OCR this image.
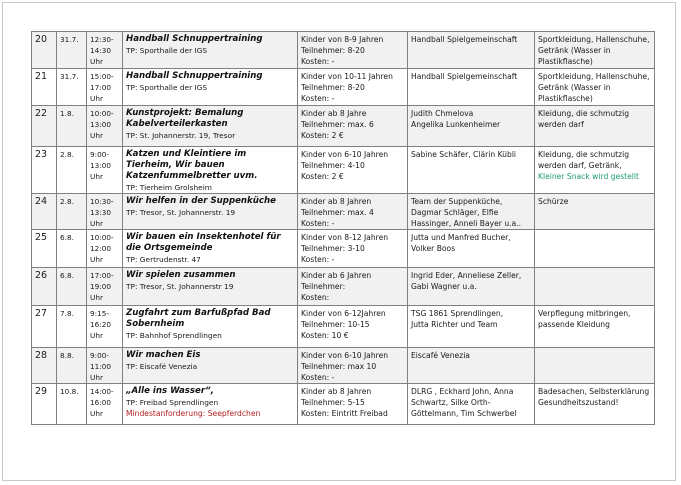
20	31.7.	12:30-
14:30
Uhr	Handball Schnuppertraining
TP: Sporthalle der IGS	Kinder von 8-9 Jahren
Teilnehmer: 8-20
Kosten: -	Handball Spielgemeinschaft	Sportkleidung, Hallenschuhe,
Getränk (Wasser in
Plastikflasche)

21	31.7.	15:00-
17:00
Uhr	Handball Schnuppertraining
TP: Sporthalle der IGS	Kinder von 10-11 Jahren
Teilnehmer: 8-20
Kosten: -	Handball Spielgemeinschaft	Sportkleidung, Hallenschuhe,
Getränk (Wasser in
Plastikflasche)

22	1.8.	10:00-
13:00
Uhr	Kunstprojekt: Bemalung Kabelverteilerkasten
TP: St. Johannerstr. 19, Tresor	Kinder ab 8 Jahre
Teilnehmer: max. 6
Kosten: 2 €	Judith Chmelova
Angelika Lunkenheimer	Kleidung, die schmutzig
werden darf

23	2.8.	9:00-
13:00
Uhr	Katzen und Kleintiere im Tierheim, Wir bauen Katzenfummelbretter uvm.
TP: Tierheim Grolsheim	Kinder von 6-10 Jahren
Teilnehmer: 4-10
Kosten: 2 €	Sabine Schäfer, Clärin Kübli	Kleidung, die schmutzig
werden darf, Getränk,
Kleiner Snack wird gestellt

24	2.8.	10:30-
13:30
Uhr	Wir helfen in der Suppenküche
TP: Tresor, St. Johannerstr. 19	Kinder ab 8 Jahren
Teilnehmer: max. 4
Kosten: -	Team der Suppenküche,
Dagmar Schläger, Elfie
Hassinger, Anneli Bayer u.a..	Schürze

25	6.8.	10:00-
12:00
Uhr	Wir bauen ein Insektenhotel für die Ortsgemeinde
TP: Gertrudenstr. 47	Kinder von 8-12 Jahren
Teilnehmer: 3-10
Kosten: -	Jutta und Manfred Bucher,
Volker Boos	

26	6.8.	17:00-
19:00
Uhr	Wir spielen zusammen
TP: Tresor, St. Johannerstr 19	Kinder ab 6 Jahren
Teilnehmer:
Kosten:	Ingrid Eder, Anneliese Zeller,
Gabi Wagner u.a.	

27	7.8.	9:15-
16:20
Uhr	Zugfahrt zum Barfußpfad Bad Sobernheim
TP: Bahnhof Sprendlingen	Kinder von 6-12Jahren
Teilnehmer: 10-15
Kosten: 10 €	TSG 1861 Sprendlingen,
Jutta Richter und Team	Verpflegung mitbringen,
passende Kleidung

28	8.8.	9:00-
11:00
Uhr	Wir machen Eis
TP: Eiscafé Venezia	Kinder von 6-10 Jahren
Teilnehmer: max 10
Kosten: -	Eiscafé Venezia	

29	10.8.	14:00-
16:00
Uhr	„Alle ins Wasser“,
TP: Freibad Sprendlingen
Mindestanforderung: Seepferdchen	Kinder ab 8 Jahren
Teilnehmer: 5-15
Kosten: Eintritt Freibad	DLRG , Eckhard John, Anna
Schwartz, Silke Orth-
Göttelmann, Tim Schwerbel	Badesachen, Selbsterklärung
Gesundheitszustand!
